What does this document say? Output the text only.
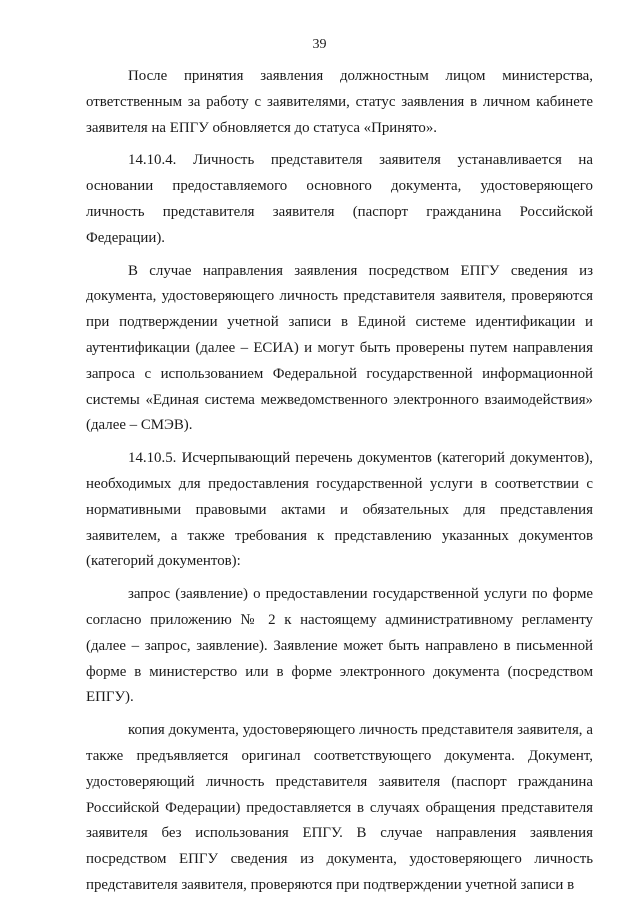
   
39

После принятия заявления должностным лицом министерства, ответственным за работу с заявителями, статус заявления в личном кабинете заявителя на ЕПГУ обновляется до статуса «Принято».

14.10.4. Личность представителя заявителя устанавливается на основании предоставляемого основного документа, удостоверяющего личность представителя заявителя (паспорт гражданина Российской Федерации).

В случае направления заявления посредством ЕПГУ сведения из документа, удостоверяющего личность представителя заявителя, проверяются при подтверждении учетной записи в Единой системе идентификации и аутентификации (далее – ЕСИА) и могут быть проверены путем направления запроса с использованием Федеральной государственной информационной системы «Единая система межведомственного электронного взаимодействия» (далее – СМЭВ).

14.10.5. Исчерпывающий перечень документов (категорий документов), необходимых для предоставления государственной услуги в соответствии с нормативными правовыми актами и обязательных для представления заявителем, а также требования к представлению указанных документов (категорий документов):

запрос (заявление) о предоставлении государственной услуги по форме согласно приложению № 2 к настоящему административному регламенту (далее – запрос, заявление). Заявление может быть направлено в письменной форме в министерство или в форме электронного документа (посредством ЕПГУ).

копия документа, удостоверяющего личность представителя заявителя, а также предъявляется оригинал соответствующего документа. Документ, удостоверяющий личность представителя заявителя (паспорт гражданина Российской Федерации) предоставляется в случаях обращения представителя заявителя без использования ЕПГУ. В случае направления заявления посредством ЕПГУ сведения из документа, удостоверяющего личность представителя заявителя, проверяются при подтверждении учетной записи в
